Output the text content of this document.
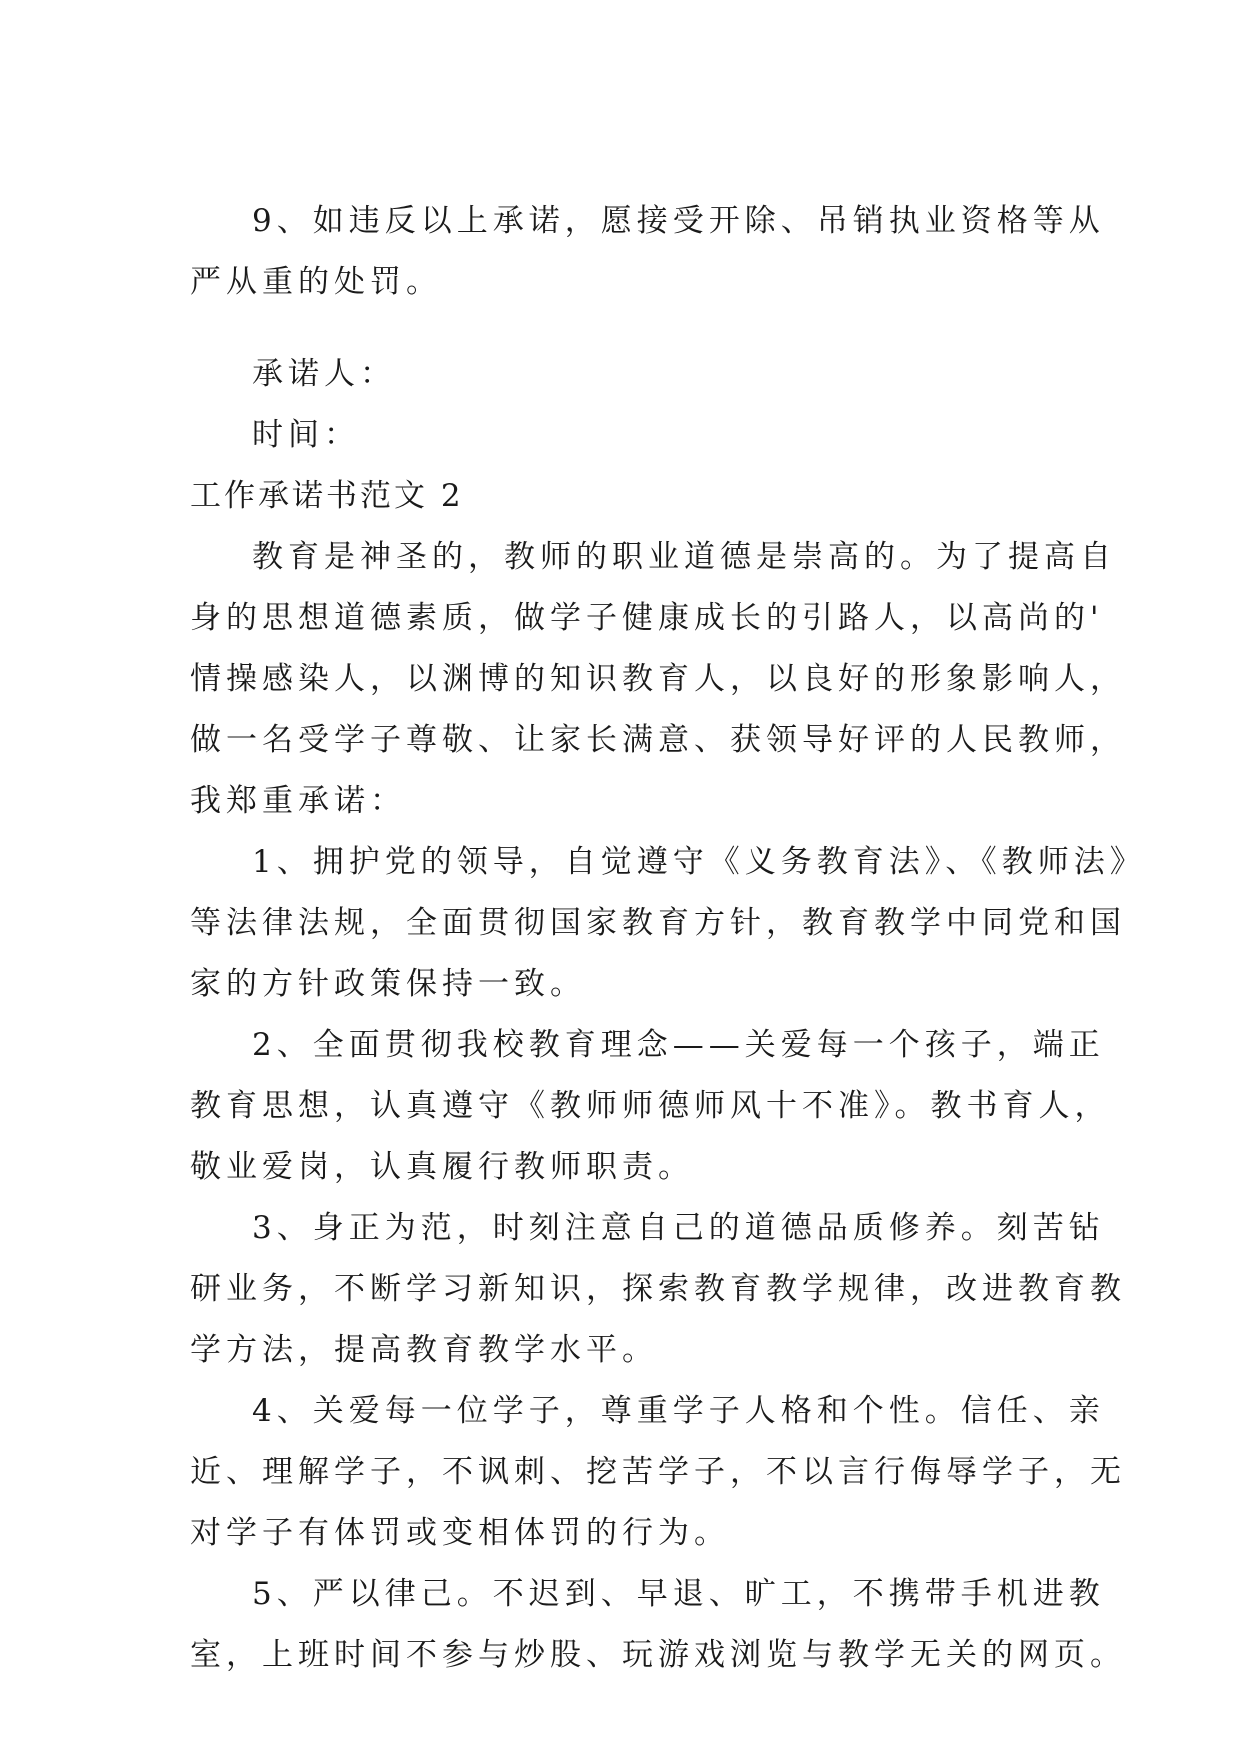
9、如违反以上承诺，愿接受开除、吊销执业资格等从
严从重的处罚。

承诺人：

时间：

工作承诺书范文 2

教育是神圣的，教师的职业道德是崇高的。为了提高自
身的思想道德素质，做学子健康成长的引路人，以高尚的'
情操感染人，以渊博的知识教育人，以良好的形象影响人，
做一名受学子尊敬、让家长满意、获领导好评的人民教师，
我郑重承诺：

1、拥护党的领导，自觉遵守《义务教育法》、《教师法》
等法律法规，全面贯彻国家教育方针，教育教学中同党和国
家的方针政策保持一致。

2、全面贯彻我校教育理念——关爱每一个孩子，端正
教育思想，认真遵守《教师师德师风十不准》。教书育人，
敬业爱岗，认真履行教师职责。

3、身正为范，时刻注意自己的道德品质修养。刻苦钻
研业务，不断学习新知识，探索教育教学规律，改进教育教
学方法，提高教育教学水平。

4、关爱每一位学子，尊重学子人格和个性。信任、亲
近、理解学子，不讽刺、挖苦学子，不以言行侮辱学子，无
对学子有体罚或变相体罚的行为。

5、严以律己。不迟到、早退、旷工，不携带手机进教
室，上班时间不参与炒股、玩游戏浏览与教学无关的网页。
